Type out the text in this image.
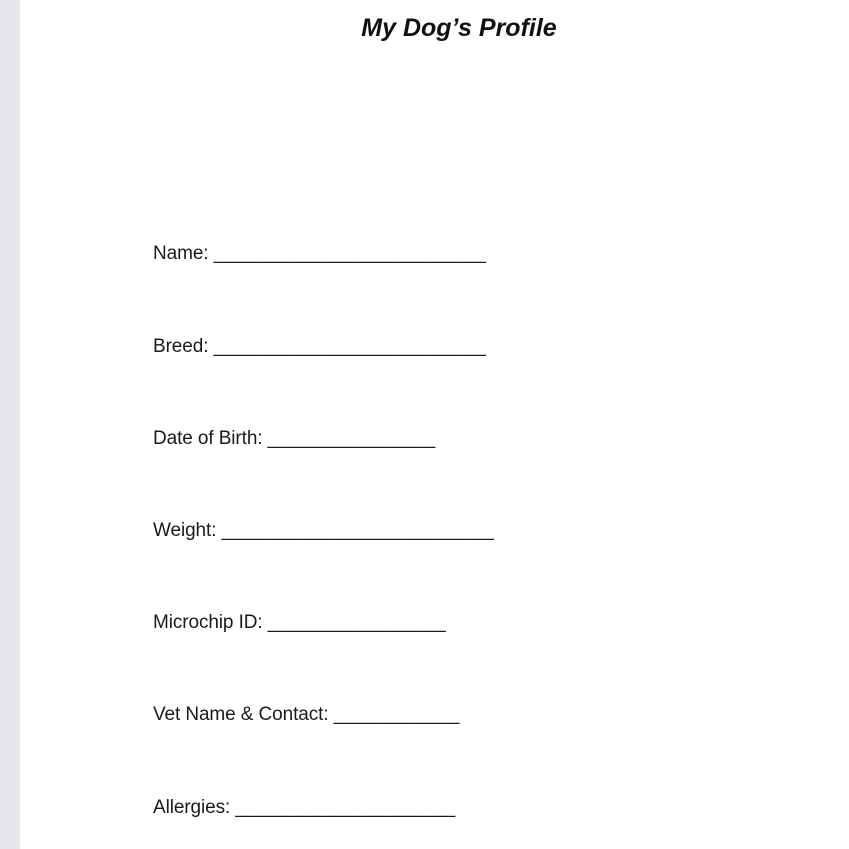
My Dog’s Profile
Name: __________________________
Breed: __________________________
Date of Birth: ________________
Weight: __________________________
Microchip ID: _________________
Vet Name & Contact: ____________
Allergies: _____________________
